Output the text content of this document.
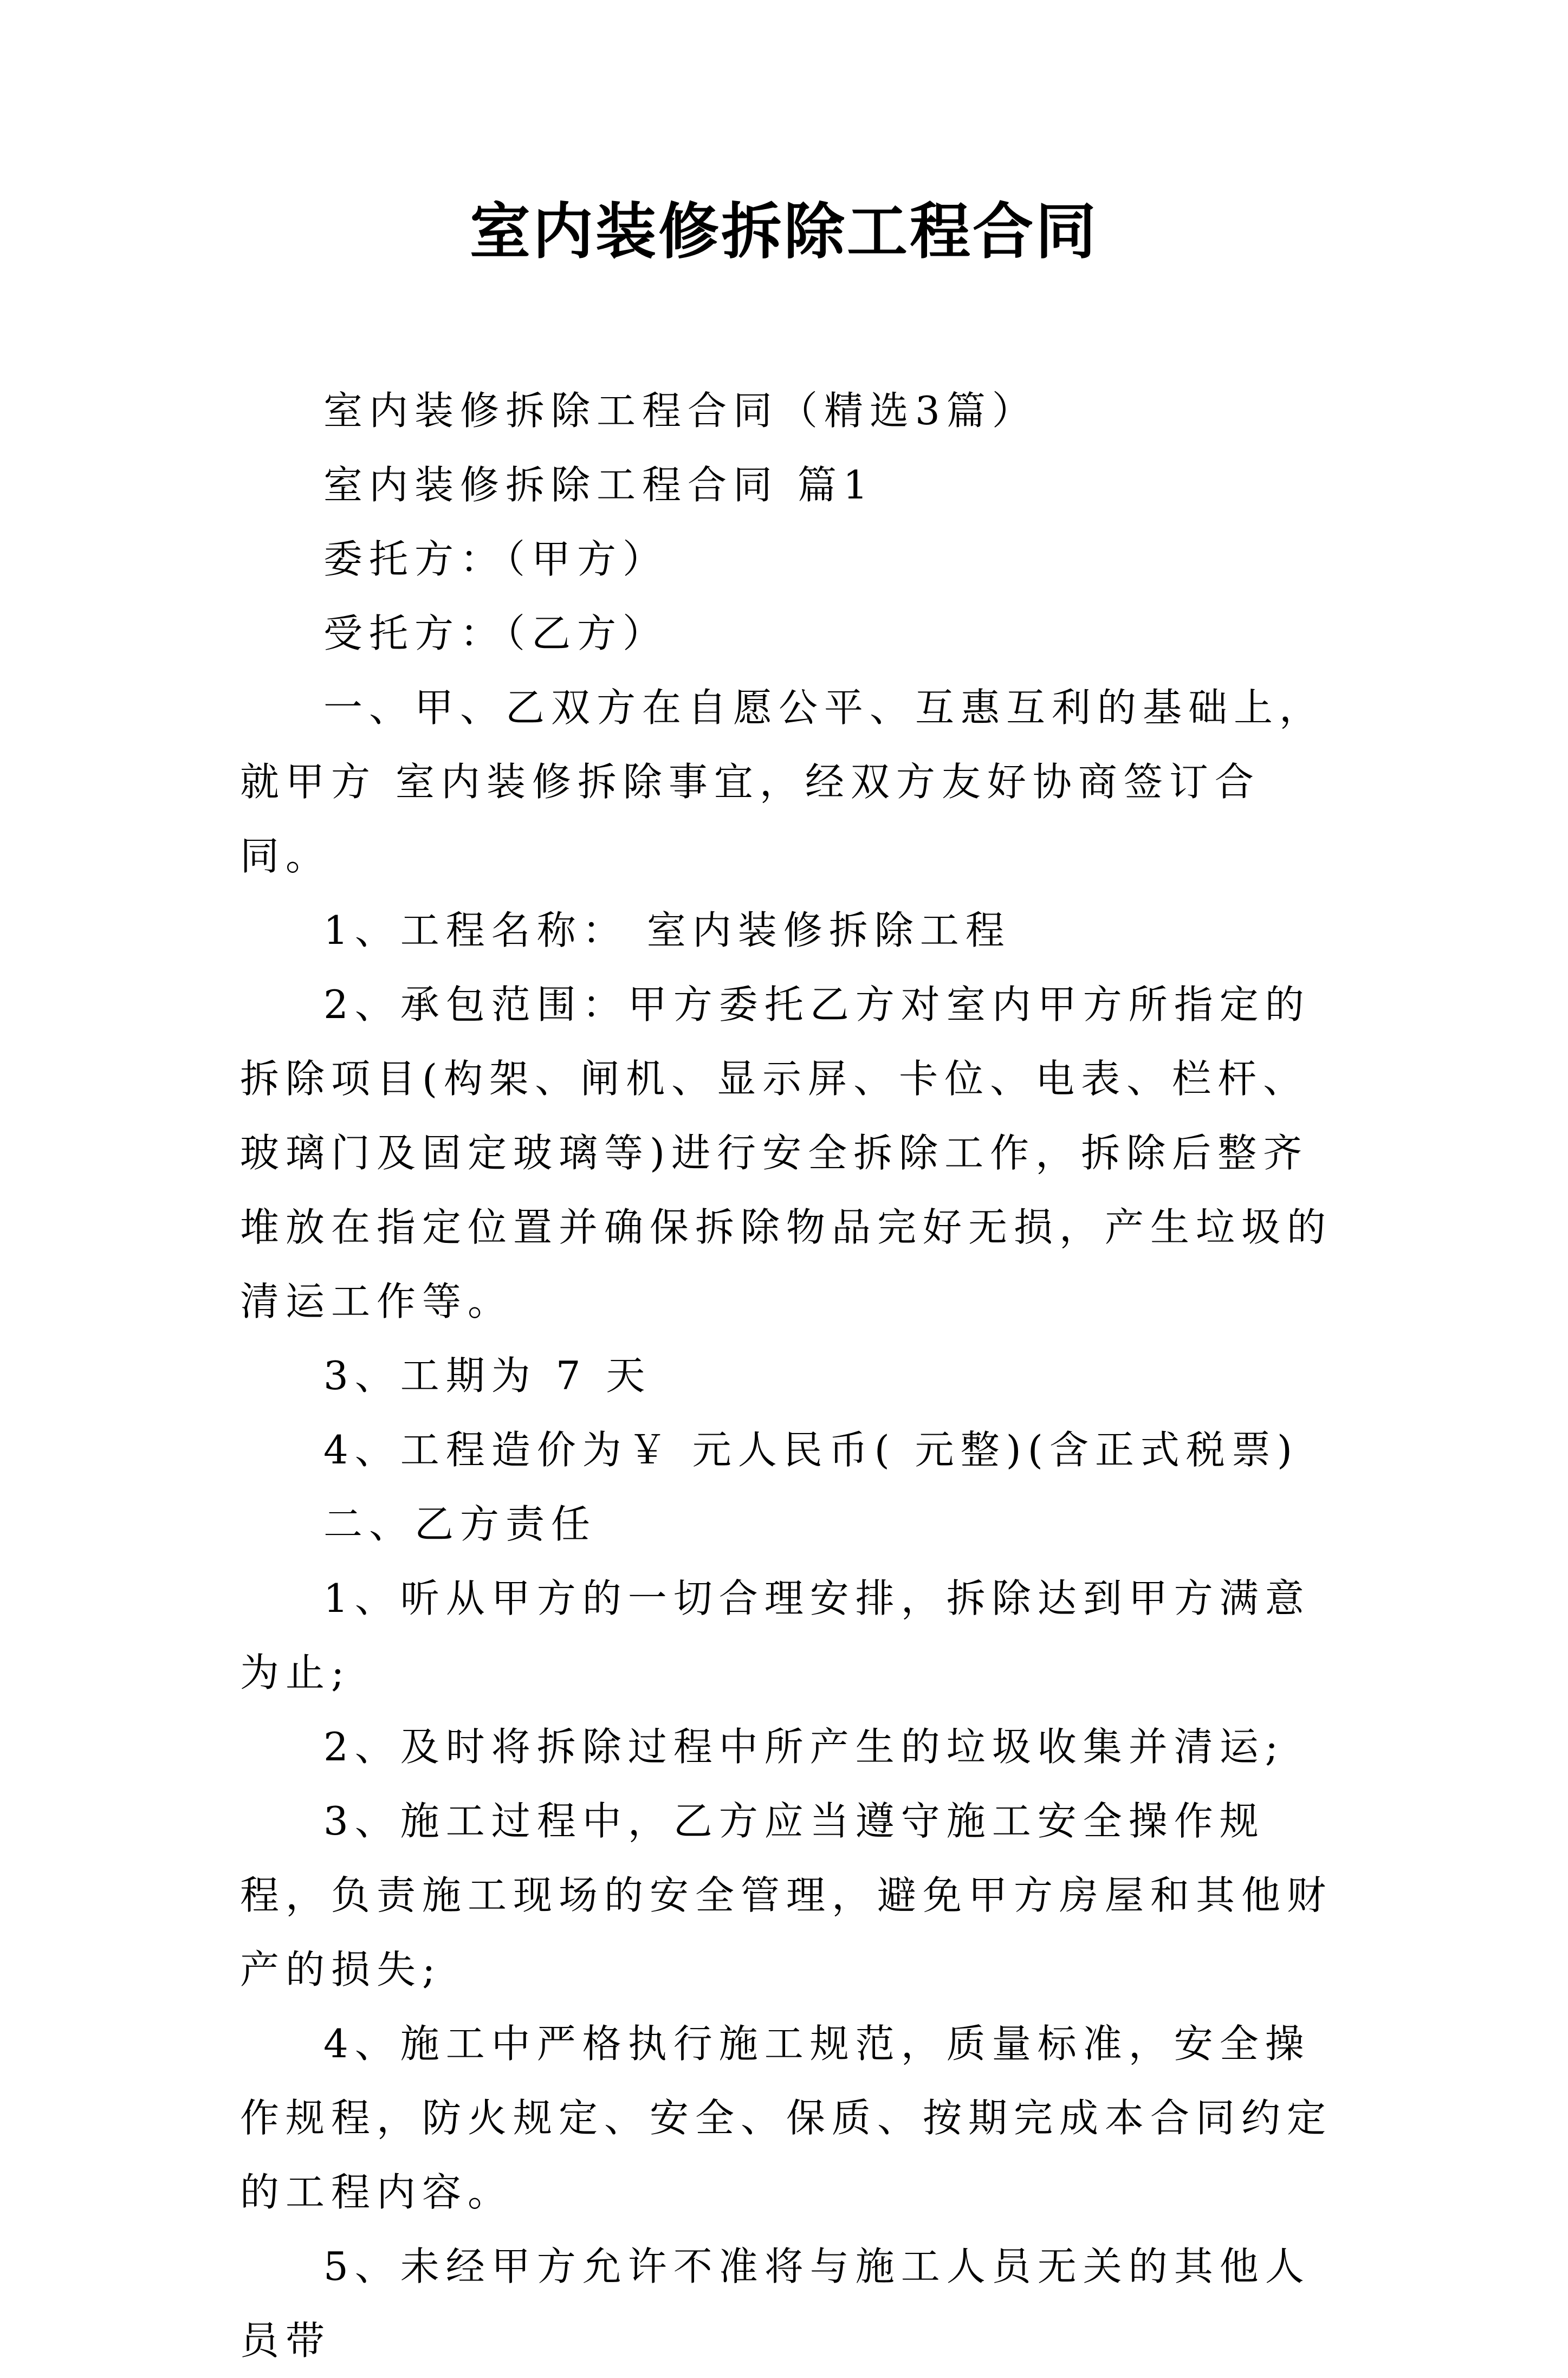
室内装修拆除工程合同

室内装修拆除工程合同（精选3篇）

室内装修拆除工程合同 篇1

委托方：（甲方）

受托方：（乙方）

一、甲、乙双方在自愿公平、互惠互利的基础上，就甲方 室内装修拆除事宜，经双方友好协商签订合同。

1、工程名称： 室内装修拆除工程

2、承包范围：甲方委托乙方对室内甲方所指定的拆除项目(构架、闸机、显示屏、卡位、电表、栏杆、玻璃门及固定玻璃等)进行安全拆除工作，拆除后整齐堆放在指定位置并确保拆除物品完好无损，产生垃圾的清运工作等。

3、工期为 7 天

4、工程造价为￥ 元人民币( 元整)(含正式税票)

二、乙方责任

1、听从甲方的一切合理安排，拆除达到甲方满意为止;

2、及时将拆除过程中所产生的垃圾收集并清运;

3、施工过程中，乙方应当遵守施工安全操作规程，负责施工现场的安全管理，避免甲方房屋和其他财产的损失;

4、施工中严格执行施工规范，质量标准，安全操作规程，防火规定、安全、保质、按期完成本合同约定的工程内容。

5、未经甲方允许不准将与施工人员无关的其他人员带
